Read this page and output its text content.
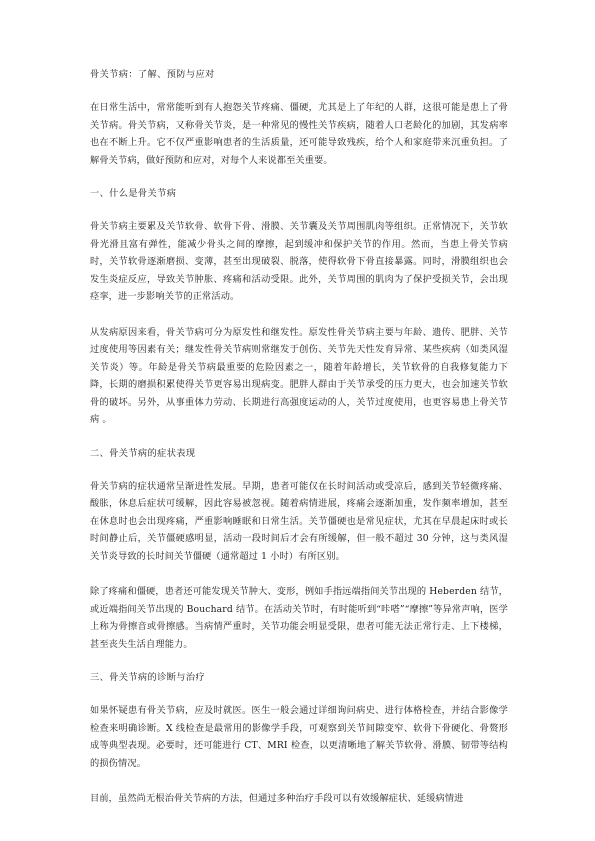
骨关节病：了解、预防与应对
在日常生活中，常常能听到有人抱怨关节疼痛、僵硬，尤其是上了年纪的人群，这很可能是患上了骨关节病。骨关节病，又称骨关节炎，是一种常见的慢性关节疾病，随着人口老龄化的加剧，其发病率也在不断上升。它不仅严重影响患者的生活质量，还可能导致残疾，给个人和家庭带来沉重负担。了解骨关节病，做好预防和应对，对每个人来说都至关重要。
一、什么是骨关节病
骨关节病主要累及关节软骨、软骨下骨、滑膜、关节囊及关节周围肌肉等组织。正常情况下，关节软骨光滑且富有弹性，能减少骨头之间的摩擦，起到缓冲和保护关节的作用。然而，当患上骨关节病时，关节软骨逐渐磨损、变薄，甚至出现破裂、脱落，使得软骨下骨直接暴露。同时，滑膜组织也会发生炎症反应，导致关节肿胀、疼痛和活动受限。此外，关节周围的肌肉为了保护受损关节，会出现痉挛，进一步影响关节的正常活动。
从发病原因来看，骨关节病可分为原发性和继发性。原发性骨关节病主要与年龄、遗传、肥胖、关节过度使用等因素有关；继发性骨关节病则常继发于创伤、关节先天性发育异常、某些疾病（如类风湿关节炎）等。年龄是骨关节病最重要的危险因素之一，随着年龄增长，关节软骨的自我修复能力下降，长期的磨损积累使得关节更容易出现病变。肥胖人群由于关节承受的压力更大，也会加速关节软骨的破坏。另外，从事重体力劳动、长期进行高强度运动的人，关节过度使用，也更容易患上骨关节病 。
二、骨关节病的症状表现
骨关节病的症状通常呈渐进性发展。早期，患者可能仅在长时间活动或受凉后，感到关节轻微疼痛、酸胀，休息后症状可缓解，因此容易被忽视。随着病情进展，疼痛会逐渐加重，发作频率增加，甚至在休息时也会出现疼痛，严重影响睡眠和日常生活。关节僵硬也是常见症状，尤其在早晨起床时或长时间静止后，关节僵硬感明显，活动一段时间后才会有所缓解，但一般不超过 30 分钟，这与类风湿关节炎导致的长时间关节僵硬（通常超过 1 小时）有所区别。
除了疼痛和僵硬，患者还可能发现关节肿大、变形，例如手指远端指间关节出现的 Heberden 结节，或近端指间关节出现的 Bouchard 结节。在活动关节时，有时能听到“咔嗒”“摩擦”等异常声响，医学上称为骨擦音或骨擦感。当病情严重时，关节功能会明显受限，患者可能无法正常行走、上下楼梯，甚至丧失生活自理能力。
三、骨关节病的诊断与治疗
如果怀疑患有骨关节病，应及时就医。医生一般会通过详细询问病史、进行体格检查，并结合影像学检查来明确诊断。X 线检查是最常用的影像学手段，可观察到关节间隙变窄、软骨下骨硬化、骨赘形成等典型表现。必要时，还可能进行 CT、MRI 检查，以更清晰地了解关节软骨、滑膜、韧带等结构的损伤情况。
目前，虽然尚无根治骨关节病的方法，但通过多种治疗手段可以有效缓解症状、延缓病情进
